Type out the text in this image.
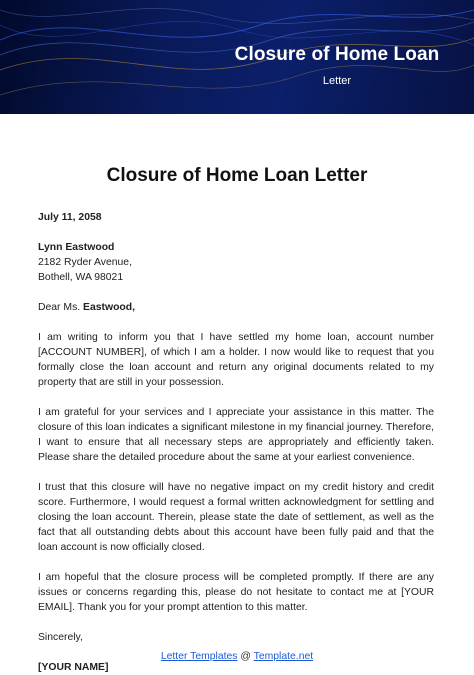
Closure of Home Loan
Letter
Closure of Home Loan Letter

July 11, 2058

Lynn Eastwood

2182 Ryder Avenue,

Bothell, WA 98021

Dear Ms. Eastwood,

I am writing to inform you that I have settled my home loan, account number [ACCOUNT NUMBER], of which I am a holder. I now would like to request that you formally close the loan account and return any original documents related to my property that are still in your possession.

I am grateful for your services and I appreciate your assistance in this matter. The closure of this loan indicates a significant milestone in my financial journey. Therefore, I want to ensure that all necessary steps are appropriately and efficiently taken. Please share the detailed procedure about the same at your earliest convenience.

I trust that this closure will have no negative impact on my credit history and credit score. Furthermore, I would request a formal written acknowledgment for settling and closing the loan account. Therein, please state the date of settlement, as well as the fact that all outstanding debts about this account have been fully paid and that the loan account is now officially closed.

I am hopeful that the closure process will be completed promptly. If there are any issues or concerns regarding this, please do not hesitate to contact me at [YOUR EMAIL]. Thank you for your prompt attention to this matter.

Sincerely,

[YOUR NAME]

Letter Templates @ Template.net
